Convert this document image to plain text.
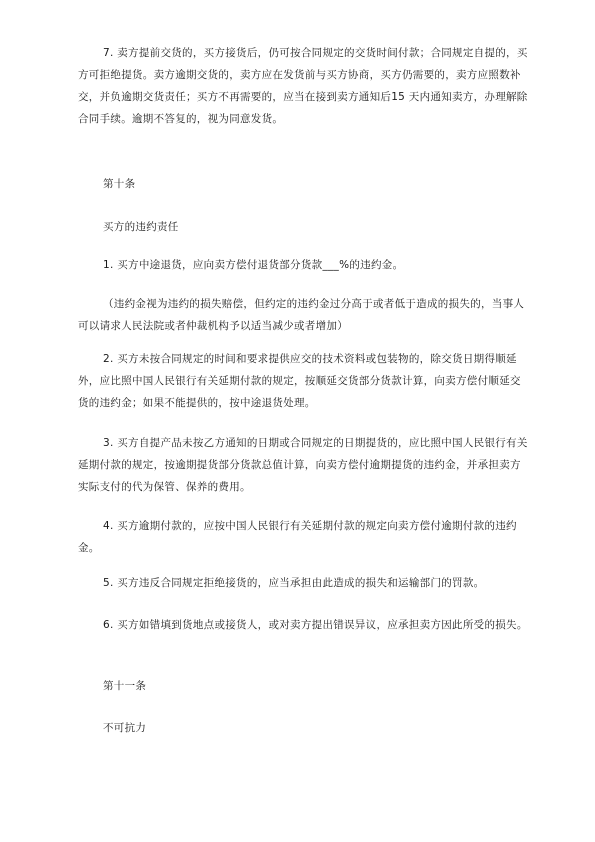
7. 卖方提前交货的，买方接货后，仍可按合同规定的交货时间付款；合同规定自提的，买方可拒绝提货。卖方逾期交货的，卖方应在发货前与买方协商，买方仍需要的，卖方应照数补交，并负逾期交货责任；买方不再需要的，应当在接到卖方通知后15 天内通知卖方，办理解除合同手续。逾期不答复的，视为同意发货。

第十条

买方的违约责任

1. 买方中途退货，应向卖方偿付退货部分货款___%的违约金。

（违约金视为违约的损失赔偿，但约定的违约金过分高于或者低于造成的损失的，当事人可以请求人民法院或者仲裁机构予以适当减少或者增加）

2. 买方未按合同规定的时间和要求提供应交的技术资料或包装物的，除交货日期得顺延外，应比照中国人民银行有关延期付款的规定，按顺延交货部分货款计算，向卖方偿付顺延交货的违约金；如果不能提供的，按中途退货处理。

3. 买方自提产品未按乙方通知的日期或合同规定的日期提货的，应比照中国人民银行有关延期付款的规定，按逾期提货部分货款总值计算，向卖方偿付逾期提货的违约金，并承担卖方实际支付的代为保管、保养的费用。

4. 买方逾期付款的，应按中国人民银行有关延期付款的规定向卖方偿付逾期付款的违约金。

5. 买方违反合同规定拒绝接货的，应当承担由此造成的损失和运输部门的罚款。

6. 买方如错填到货地点或接货人，或对卖方提出错误异议，应承担卖方因此所受的损失。

第十一条

不可抗力
